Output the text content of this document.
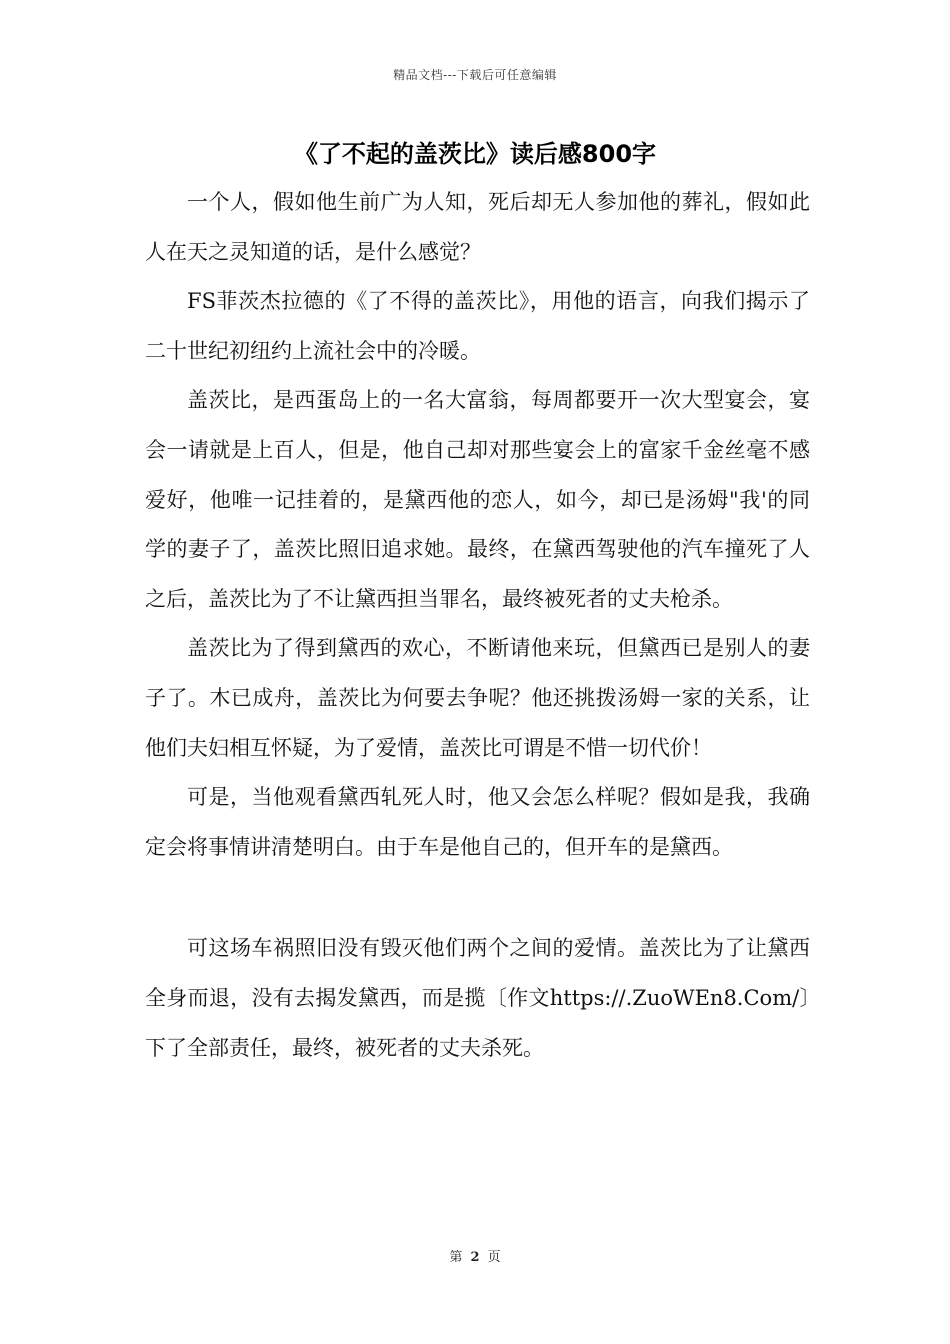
精品文档---下载后可任意编辑
《了不起的盖茨比》读后感800字

一个人，假如他生前广为人知，死后却无人参加他的葬礼，假如此人在天之灵知道的话，是什么感觉？

FS菲茨杰拉德的《了不得的盖茨比》，用他的语言，向我们揭示了二十世纪初纽约上流社会中的冷暖。

盖茨比，是西蛋岛上的一名大富翁，每周都要开一次大型宴会，宴会一请就是上百人，但是，他自己却对那些宴会上的富家千金丝毫不感爱好，他唯一记挂着的，是黛西他的恋人，如今，却已是汤姆"我'的同学的妻子了，盖茨比照旧追求她。最终，在黛西驾驶他的汽车撞死了人之后，盖茨比为了不让黛西担当罪名，最终被死者的丈夫枪杀。

盖茨比为了得到黛西的欢心，不断请他来玩，但黛西已是别人的妻子了。木已成舟，盖茨比为何要去争呢？他还挑拨汤姆一家的关系，让他们夫妇相互怀疑，为了爱情，盖茨比可谓是不惜一切代价！

可是，当他观看黛西轧死人时，他又会怎么样呢？假如是我，我确定会将事情讲清楚明白。由于车是他自己的，但开车的是黛西。

可这场车祸照旧没有毁灭他们两个之间的爱情。盖茨比为了让黛西全身而退，没有去揭发黛西，而是揽〔作文https://.ZuoWEn8.Com/〕下了全部责任，最终，被死者的丈夫杀死。

第 2 页
